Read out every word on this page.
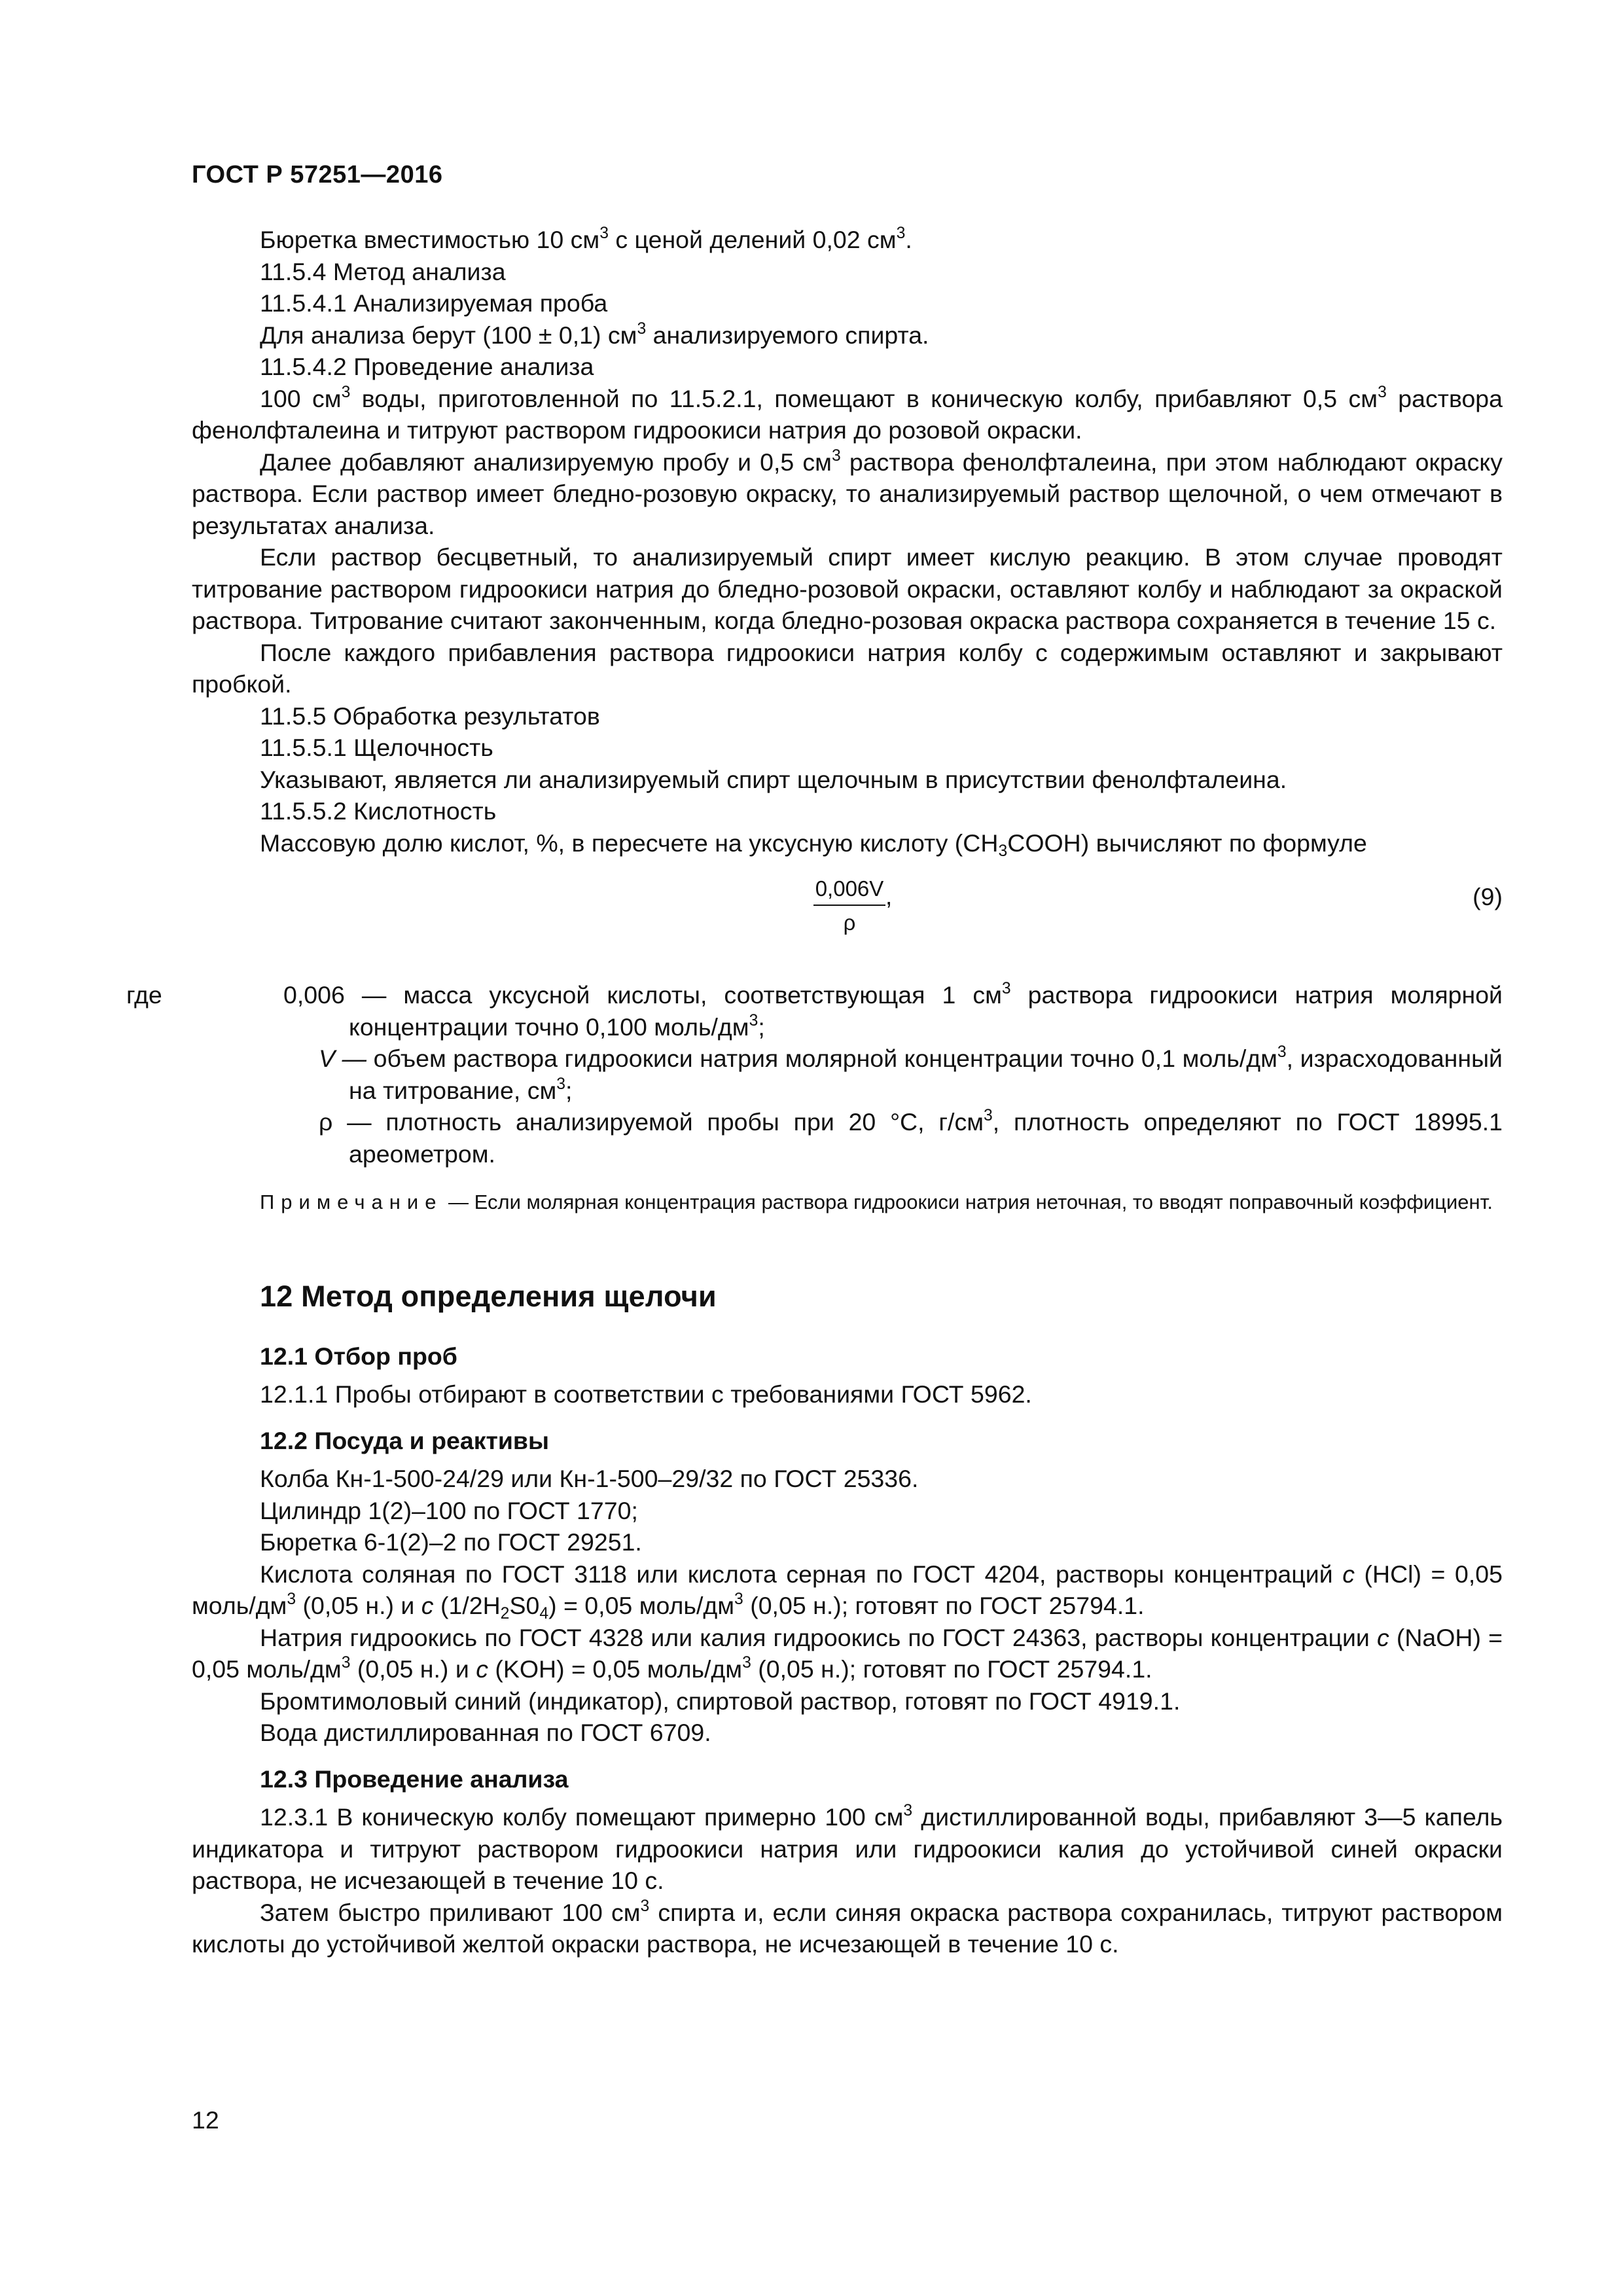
ГОСТ Р 57251—2016

Бюретка вместимостью 10 $см^3$ с ценой делений 0,02 $см^3$.

11.5.4 Метод анализа

11.5.4.1 Анализируемая проба

Для анализа берут (100 ± 0,1) $см^3$ анализируемого спирта.

11.5.4.2 Проведение анализа

100 $см^3$ воды, приготовленной по 11.5.2.1, помещают в коническую колбу, прибавляют 0,5 $см^3$ раствора фенолфталеина и титруют раствором гидроокиси натрия до розовой окраски.

Далее добавляют анализируемую пробу и 0,5 $см^3$ раствора фенолфталеина, при этом наблюдают окраску раствора. Если раствор имеет бледно-розовую окраску, то анализируемый раствор щелочной, о чем отмечают в результатах анализа.

Если раствор бесцветный, то анализируемый спирт имеет кислую реакцию. В этом случае проводят титрование раствором гидроокиси натрия до бледно-розовой окраски, оставляют колбу и наблюдают за окраской раствора. Титрование считают законченным, когда бледно-розовая окраска раствора сохраняется в течение 15 с.

После каждого прибавления раствора гидроокиси натрия колбу с содержимым оставляют и закрывают пробкой.

11.5.5 Обработка результатов

11.5.5.1 Щелочность

Указывают, является ли анализируемый спирт щелочным в присутствии фенолфталеина.

11.5.5.2 Кислотность

Массовую долю кислот, %, в пересчете на уксусную кислоту $(CH_3COOH)$ вычисляют по формуле

$\frac{0,006V}{\rho}$ ,	(9)

где	0,006 — масса уксусной кислоты, соответствующая 1 $см^3$ раствора гидроокиси натрия молярной концентрации точно 0,100 моль/$дм^3$;

V — объем раствора гидроокиси натрия молярной концентрации точно 0,1 моль/$дм^3$, израсходованный на титрование, $см^3$;

ρ — плотность анализируемой пробы при 20 °С, $г/см^3$, плотность определяют по ГОСТ 18995.1 ареометром.

Примечание — Если молярная концентрация раствора гидроокиси натрия неточная, то вводят поправочный коэффициент.

12 Метод определения щелочи

12.1 Отбор проб

12.1.1 Пробы отбирают в соответствии с требованиями ГОСТ 5962.

12.2 Посуда и реактивы

Колба Кн-1-500-24/29 или Кн-1-500–29/32 по ГОСТ 25336.

Цилиндр 1(2)–100 по ГОСТ 1770;

Бюретка 6-1(2)–2 по ГОСТ 29251.

Кислота соляная по ГОСТ 3118 или кислота серная по ГОСТ 4204, растворы концентраций c (HCl) = 0,05 моль/$дм^3$ (0,05 н.) и c $(1/2H_2S0_4) = 0,05$ моль/$дм^3$ (0,05 н.); готовят по ГОСТ 25794.1.

Натрия гидроокись по ГОСТ 4328 или калия гидроокись по ГОСТ 24363, растворы концентрации c (NaOH) = 0,05 моль/$дм^3$ (0,05 н.) и c (KOH) = 0,05 моль/$дм^3$ (0,05 н.); готовят по ГОСТ 25794.1.

Бромтимоловый синий (индикатор), спиртовой раствор, готовят по ГОСТ 4919.1.

Вода дистиллированная по ГОСТ 6709.

12.3 Проведение анализа

12.3.1 В коническую колбу помещают примерно 100 $см^3$ дистиллированной воды, прибавляют 3—5 капель индикатора и титруют раствором гидроокиси натрия или гидроокиси калия до устойчивой синей окраски раствора, не исчезающей в течение 10 с.

Затем быстро приливают 100 $см^3$ спирта и, если синяя окраска раствора сохранилась, титруют раствором кислоты до устойчивой желтой окраски раствора, не исчезающей в течение 10 с.

12
